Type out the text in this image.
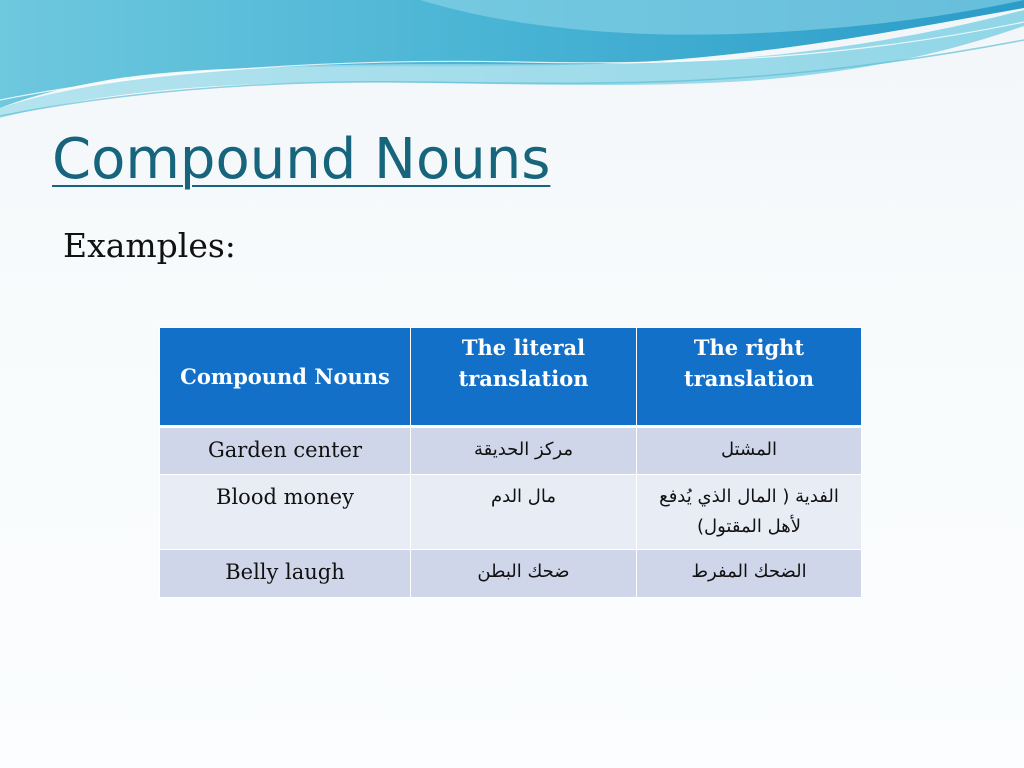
Compound Nouns
Examples:
Compound Nouns	The literal translation	The right translation
Garden center	مركز الحديقة	المشتل
Blood money	مال الدم	الفدية ( المال الذي يُدفع لأهل المقتول)
Belly laugh	ضحك البطن	الضحك المفرط
